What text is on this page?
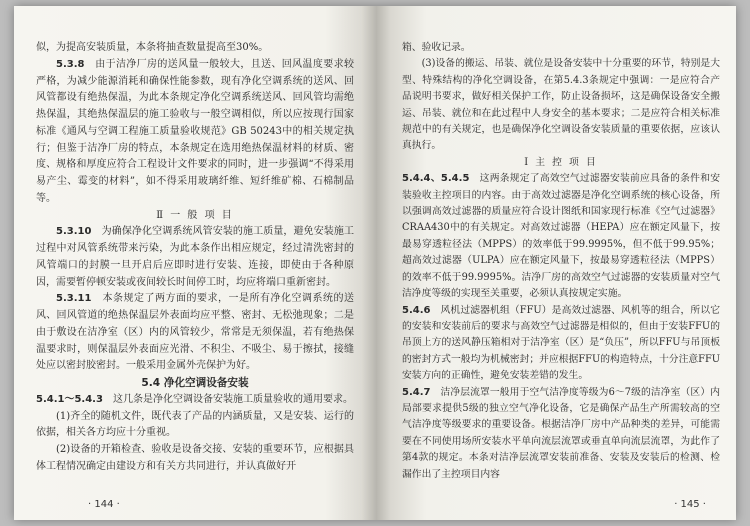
似，为提高安装质量，本条将抽查数量提高至30%。

5.3.8　 由于洁净厂房的送风量一般较大，且送、回风温度要求较严格，为减少能源消耗和确保性能参数，现有净化空调系统的送风、回风管都设有绝热保温，为此本条规定净化空调系统送风、回风管均需绝热保温，其绝热保温层的施工验收与一般空调相似，所以应按现行国家标准《通风与空调工程施工质量验收规范》GB 50243中的相关规定执行；但鉴于洁净厂房的特点，本条规定在选用绝热保温材料的材质、密度、规格和厚度应符合工程设计文件要求的同时，进一步强调“不得采用易产尘、霉变的材料”，如不得采用玻璃纤维、短纤维矿棉、石棉制品等。

Ⅱ 一 般 项 目

5.3.10　 为确保净化空调系统风管安装的施工质量，避免安装施工过程中对风管系统带来污染，为此本条作出相应规定，经过清洗密封的风管端口的封膜一旦开启后应即时进行安装、连接，即使由于各种原因，需要暂停顿安装或夜间较长时间停工时，均应将端口重新密封。

5.3.11　 本条规定了两方面的要求，一是所有净化空调系统的送风、回风管道的绝热保温层外表面均应平整、密封、无松弛现象；二是由于敷设在洁净室（区）内的风管较少，常常是无须保温，若有绝热保温要求时，则保温层外表面应光滑、不积尘、不吸尘、易于擦拭，接缝处应以密封胶密封。一般采用金属外壳保护为好。

5.4 净化空调设备安装

5.4.1～5.4.3　 这几条是净化空调设备安装施工质量验收的通用要求。

(1)齐全的随机文件，既代表了产品的内涵质量，又是安装、运行的依据，相关各方均应十分重视。

(2)设备的开箱检查、验收是设备交接、安装的重要环节，应根据具体工程情况确定由建设方和有关方共同进行，并认真做好开

· 144 ·

箱、验收记录。

(3)设备的搬运、吊装、就位是设备安装中十分重要的环节，特别是大型、特殊结构的净化空调设备，在第5.4.3条规定中强调：一是应符合产品说明书要求，做好相关保护工作，防止设备损坏，这是确保设备安全搬运、吊装、就位和在此过程中人身安全的基本要求；二是应符合相关标准规范中的有关规定，也是确保净化空调设备安装质量的重要依据，应该认真执行。

Ⅰ 主 控 项 目

5.4.4、5.4.5　 这两条规定了高效空气过滤器安装前应具备的条件和安装验收主控项目的内容。由于高效过滤器是净化空调系统的核心设备，所以强调高效过滤器的质量应符合设计图纸和国家现行标准《空气过滤器》CRAA430中的有关规定。对高效过滤器（HEPA）应在额定风量下，按最易穿透粒径法（MPPS）的效率低于99.9995%，但不低于99.95%；超高效过滤器（ULPA）应在额定风量下，按最易穿透粒径法（MPPS）的效率不低于99.9995%。洁净厂房的高效空气过滤器的安装质量对空气洁净度等级的实现至关重要，必须认真按规定实施。

5.4.6　 风机过滤器机组（FFU）是高效过滤器、风机等的组合，所以它的安装和安装前后的要求与高效空气过滤器是相似的，但由于安装FFU的吊顶上方的送风静压箱相对于洁净室（区）是“负压”，所以FFU与吊顶板的密封方式一般均为机械密封；并应根据FFU的构造特点，十分注意FFU安装方向的正确性，避免安装差错的发生。

5.4.7　 洁净层流罩一般用于空气洁净度等级为6～7级的洁净室（区）内局部要求提供5级的独立空气净化设备，它是确保产品生产所需较高的空气洁净度等级要求的重要设备。根据洁净厂房中产品种类的差异，可能需要在不同使用场所安装水平单向流层流罩或垂直单向流层流罩，为此作了第4款的规定。本条对洁净层流罩安装前准备、安装及安装后的检测、检漏作出了主控项目内容

· 145 ·
